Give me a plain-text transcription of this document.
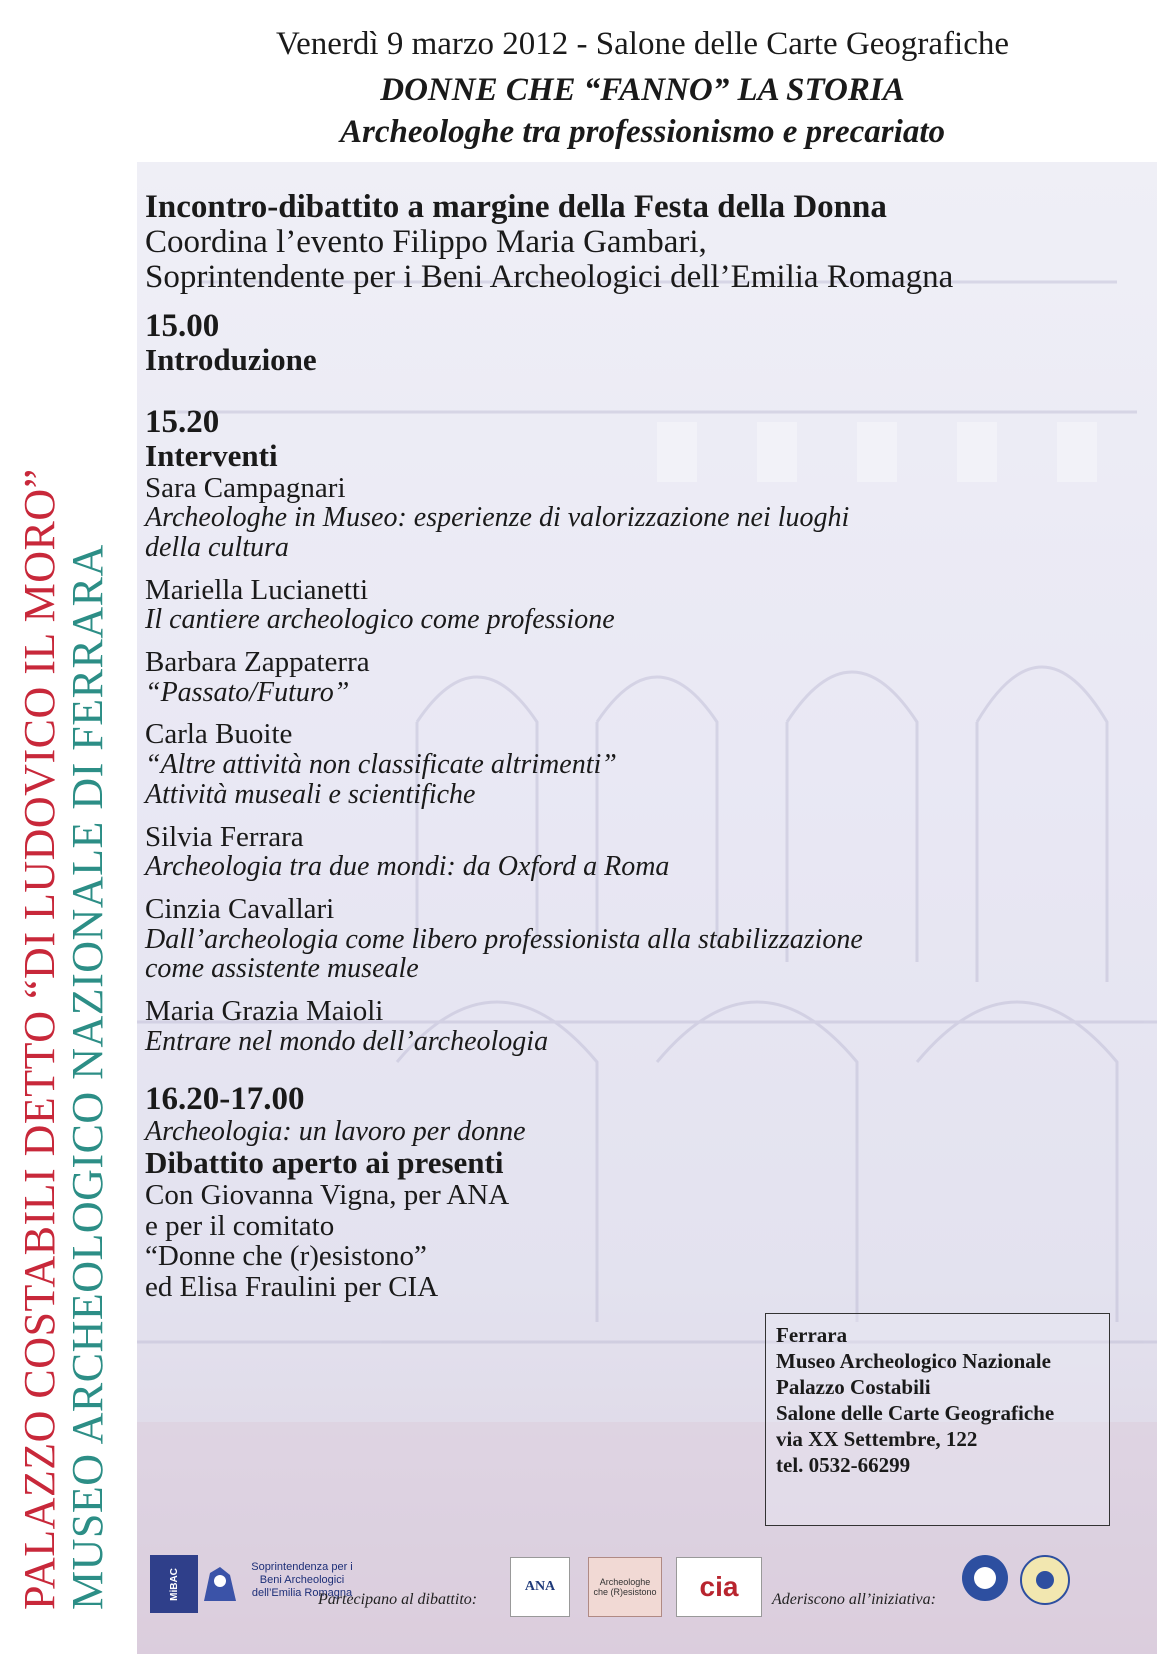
PALAZZO COSTABILI DETTO “DI LUDOVICO IL MORO” MUSEO ARCHEOLOGICO NAZIONALE DI FERRARA
Venerdì 9 marzo 2012 - Salone delle Carte Geografiche
DONNE CHE “FANNO” LA STORIA
Archeologhe tra professionismo e precariato
Incontro-dibattito a margine della Festa della Donna
Coordina l’evento Filippo Maria Gambari,
Soprintendente per i Beni Archeologici dell’Emilia Romagna
15.00
Introduzione
15.20
Interventi
Sara Campagnari
Archeologhe in Museo: esperienze di valorizzazione nei luoghi
della cultura
Mariella Lucianetti
Il cantiere archeologico come professione
Barbara Zappaterra
“Passato/Futuro”
Carla Buoite
“Altre attività non classificate altrimenti”
Attività museali e scientifiche
Silvia Ferrara
Archeologia tra due mondi: da Oxford a Roma
Cinzia Cavallari
Dall’archeologia come libero professionista alla stabilizzazione
come assistente museale
Maria Grazia Maioli
Entrare nel mondo dell’archeologia
16.20-17.00
Archeologia: un lavoro per donne
Dibattito aperto ai presenti
Con Giovanna Vigna, per ANA
e per il comitato
“Donne che (r)esistono”
ed Elisa Fraulini per CIA
Ferrara
Museo Archeologico Nazionale
Palazzo Costabili
Salone delle Carte Geografiche
via XX Settembre, 122
tel. 0532-66299
MiBAC
Soprintendenza per i
Beni Archeologici
dell’Emilia Romagna
Partecipano al dibattito:
ANA	Archeologhe
che (R)esistono cia Aderiscono all’iniziativa:
